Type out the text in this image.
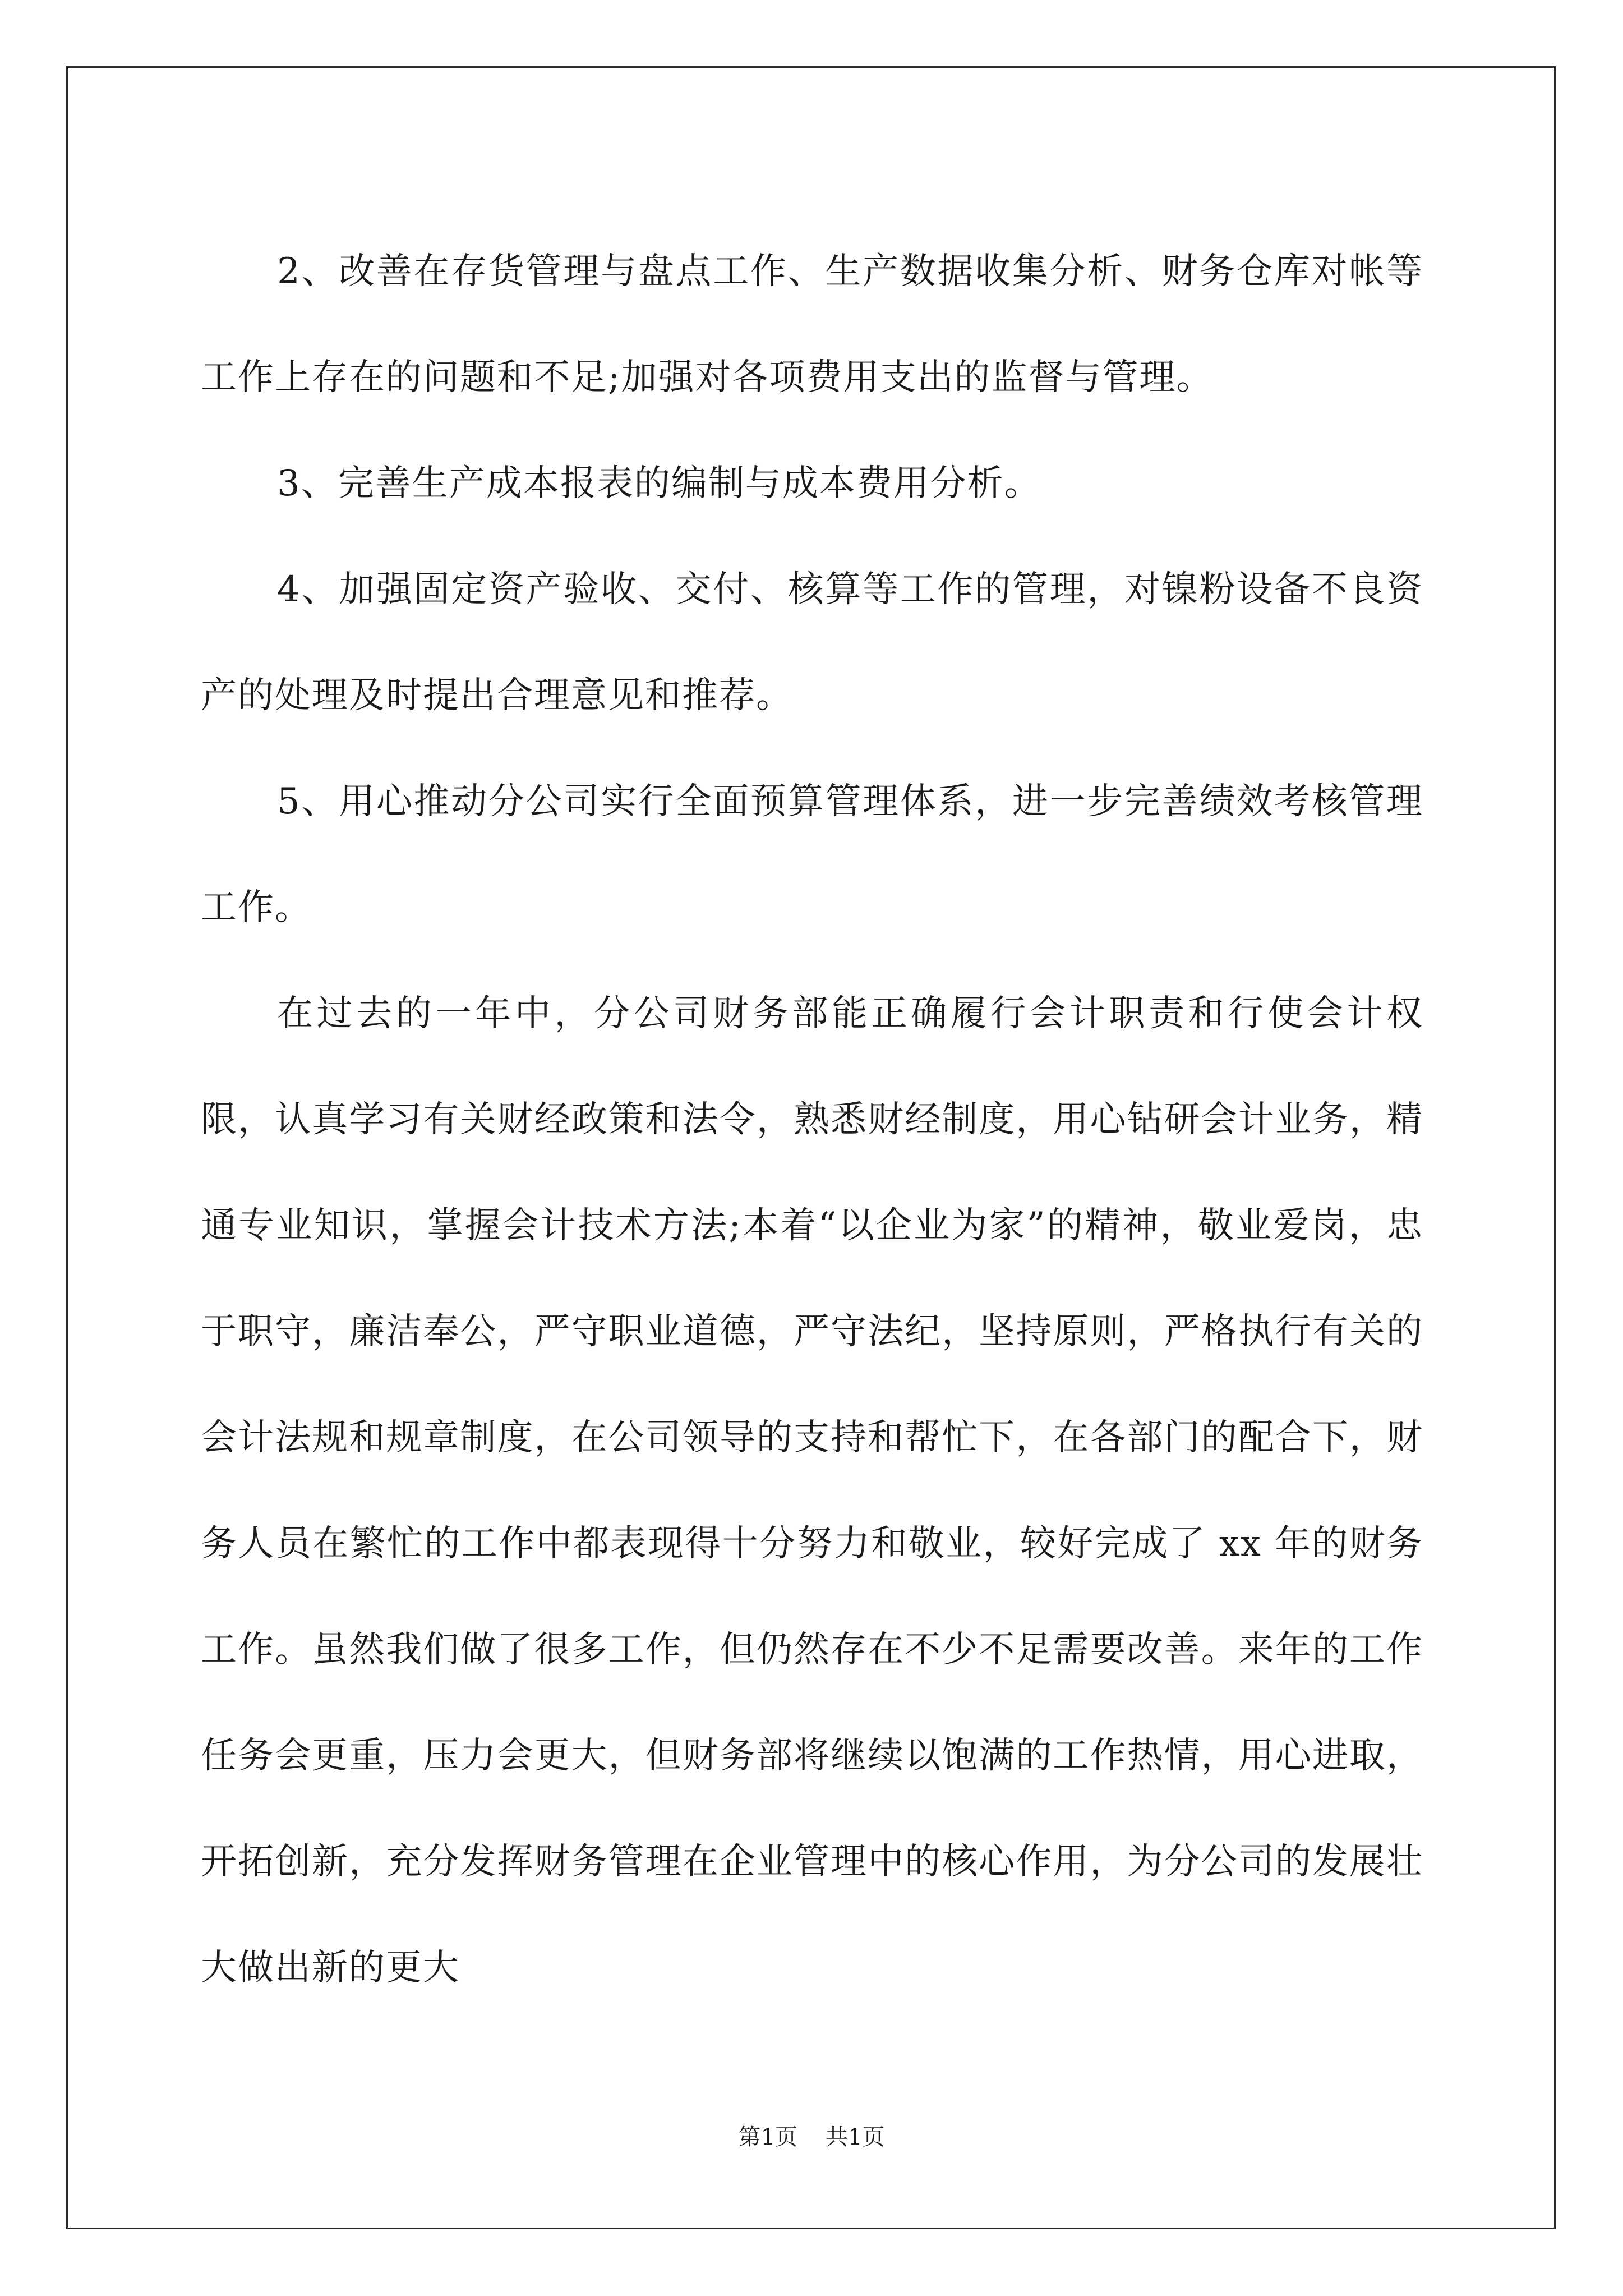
2、改善在存货管理与盘点工作、生产数据收集分析、财务仓库对帐等工作上存在的问题和不足;加强对各项费用支出的监督与管理。

3、完善生产成本报表的编制与成本费用分析。

4、加强固定资产验收、交付、核算等工作的管理，对镍粉设备不良资产的处理及时提出合理意见和推荐。

5、用心推动分公司实行全面预算管理体系，进一步完善绩效考核管理工作。

在过去的一年中，分公司财务部能正确履行会计职责和行使会计权限，认真学习有关财经政策和法令，熟悉财经制度，用心钻研会计业务，精通专业知识，掌握会计技术方法;本着“以企业为家”的精神，敬业爱岗，忠于职守，廉洁奉公，严守职业道德，严守法纪，坚持原则，严格执行有关的会计法规和规章制度，在公司领导的支持和帮忙下，在各部门的配合下，财务人员在繁忙的工作中都表现得十分努力和敬业，较好完成了 xx 年的财务工作。虽然我们做了很多工作，但仍然存在不少不足需要改善。来年的工作任务会更重，压力会更大，但财务部将继续以饱满的工作热情，用心进取，开拓创新，充分发挥财务管理在企业管理中的核心作用，为分公司的发展壮大做出新的更大

第1页 共1页
